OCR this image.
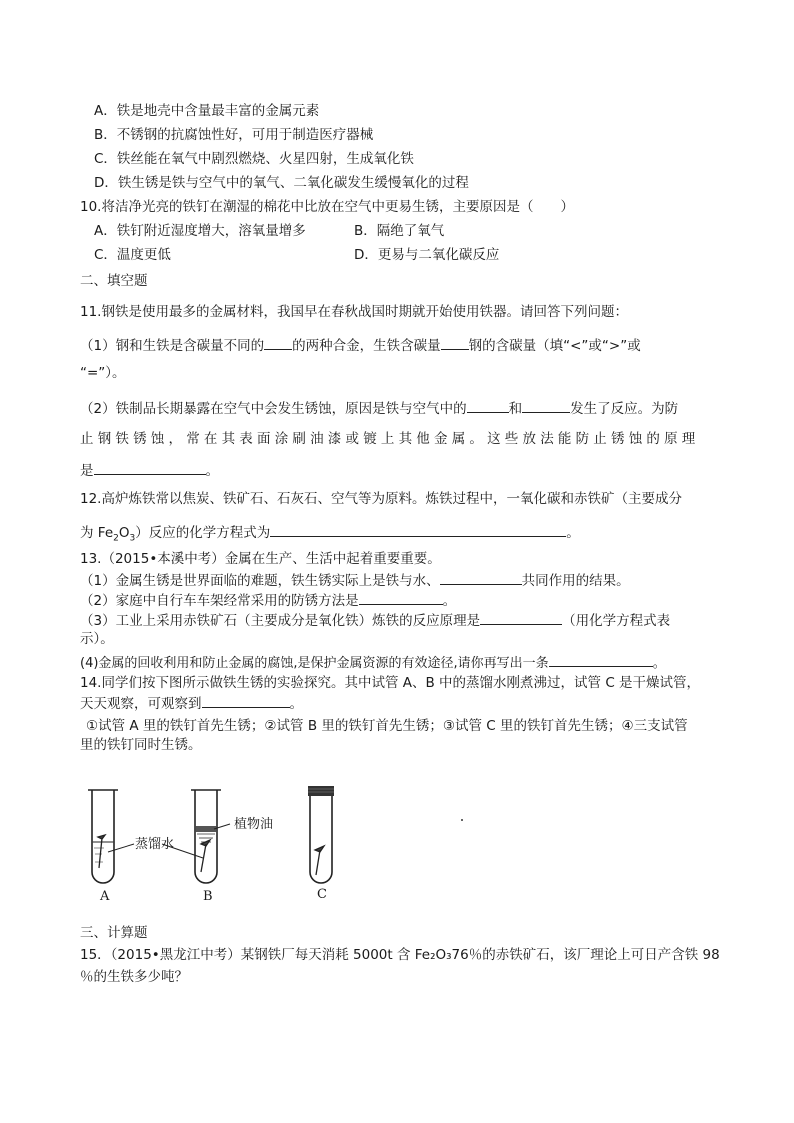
A．铁是地壳中含量最丰富的金属元素
B．不锈钢的抗腐蚀性好，可用于制造医疗器械
C．铁丝能在氧气中剧烈燃烧、火星四射，生成氧化铁
D．铁生锈是铁与空气中的氧气、二氧化碳发生缓慢氧化的过程
10.将洁净光亮的铁钉在潮湿的棉花中比放在空气中更易生锈，主要原因是（　　）
A．铁钉附近湿度增大，溶氧量增多	B．隔绝了氧气
C．温度更低	D．更易与二氧化碳反应
二、填空题
11.钢铁是使用最多的金属材料，我国早在春秋战国时期就开始使用铁器。请回答下列问题：
（1）钢和生铁是含碳量不同的 的两种合金，生铁含碳量 钢的含碳量（填“<”或“>”或
“=”）。
（2）铁制品长期暴露在空气中会发生锈蚀，原因是铁与空气中的	和	发生了反应。为防
止钢铁锈蚀，常在其表面涂刷油漆或镀上其他金属。这些放法能防止锈蚀的原理
是	。
12.高炉炼铁常以焦炭、铁矿石、石灰石、空气等为原料。炼铁过程中，一氧化碳和赤铁矿（主要成分
为 $Fe_2O_3$）反应的化学方程式为	。
13.（2015•本溪中考）金属在生产、生活中起着重要重要。
（1）金属生锈是世界面临的难题，铁生锈实际上是铁与水、	共同作用的结果。
（2）家庭中自行车车架经常采用的防锈方法是	。
（3）工业上采用赤铁矿石（主要成分是氧化铁）炼铁的反应原理是	（用化学方程式表
示）。
(4)金属的回收利用和防止金属的腐蚀,是保护金属资源的有效途径,请你再写出一条	。
14.同学们按下图所示做铁生锈的实验探究。其中试管 A、B 中的蒸馏水刚煮沸过，试管 C 是干燥试管，
天天观察，可观察到	。
①试管 A 里的铁钉首先生锈；②试管 B 里的铁钉首先生锈；③试管 C 里的铁钉首先生锈；④三支试管
里的铁钉同时生锈。
蒸馏水
植物油
A	B	C
三、计算题
15．（2015•黑龙江中考）某钢铁厂每天消耗 5000t 含 Fe₂O₃76％的赤铁矿石，该厂理论上可日产含铁 98
％的生铁多少吨？
